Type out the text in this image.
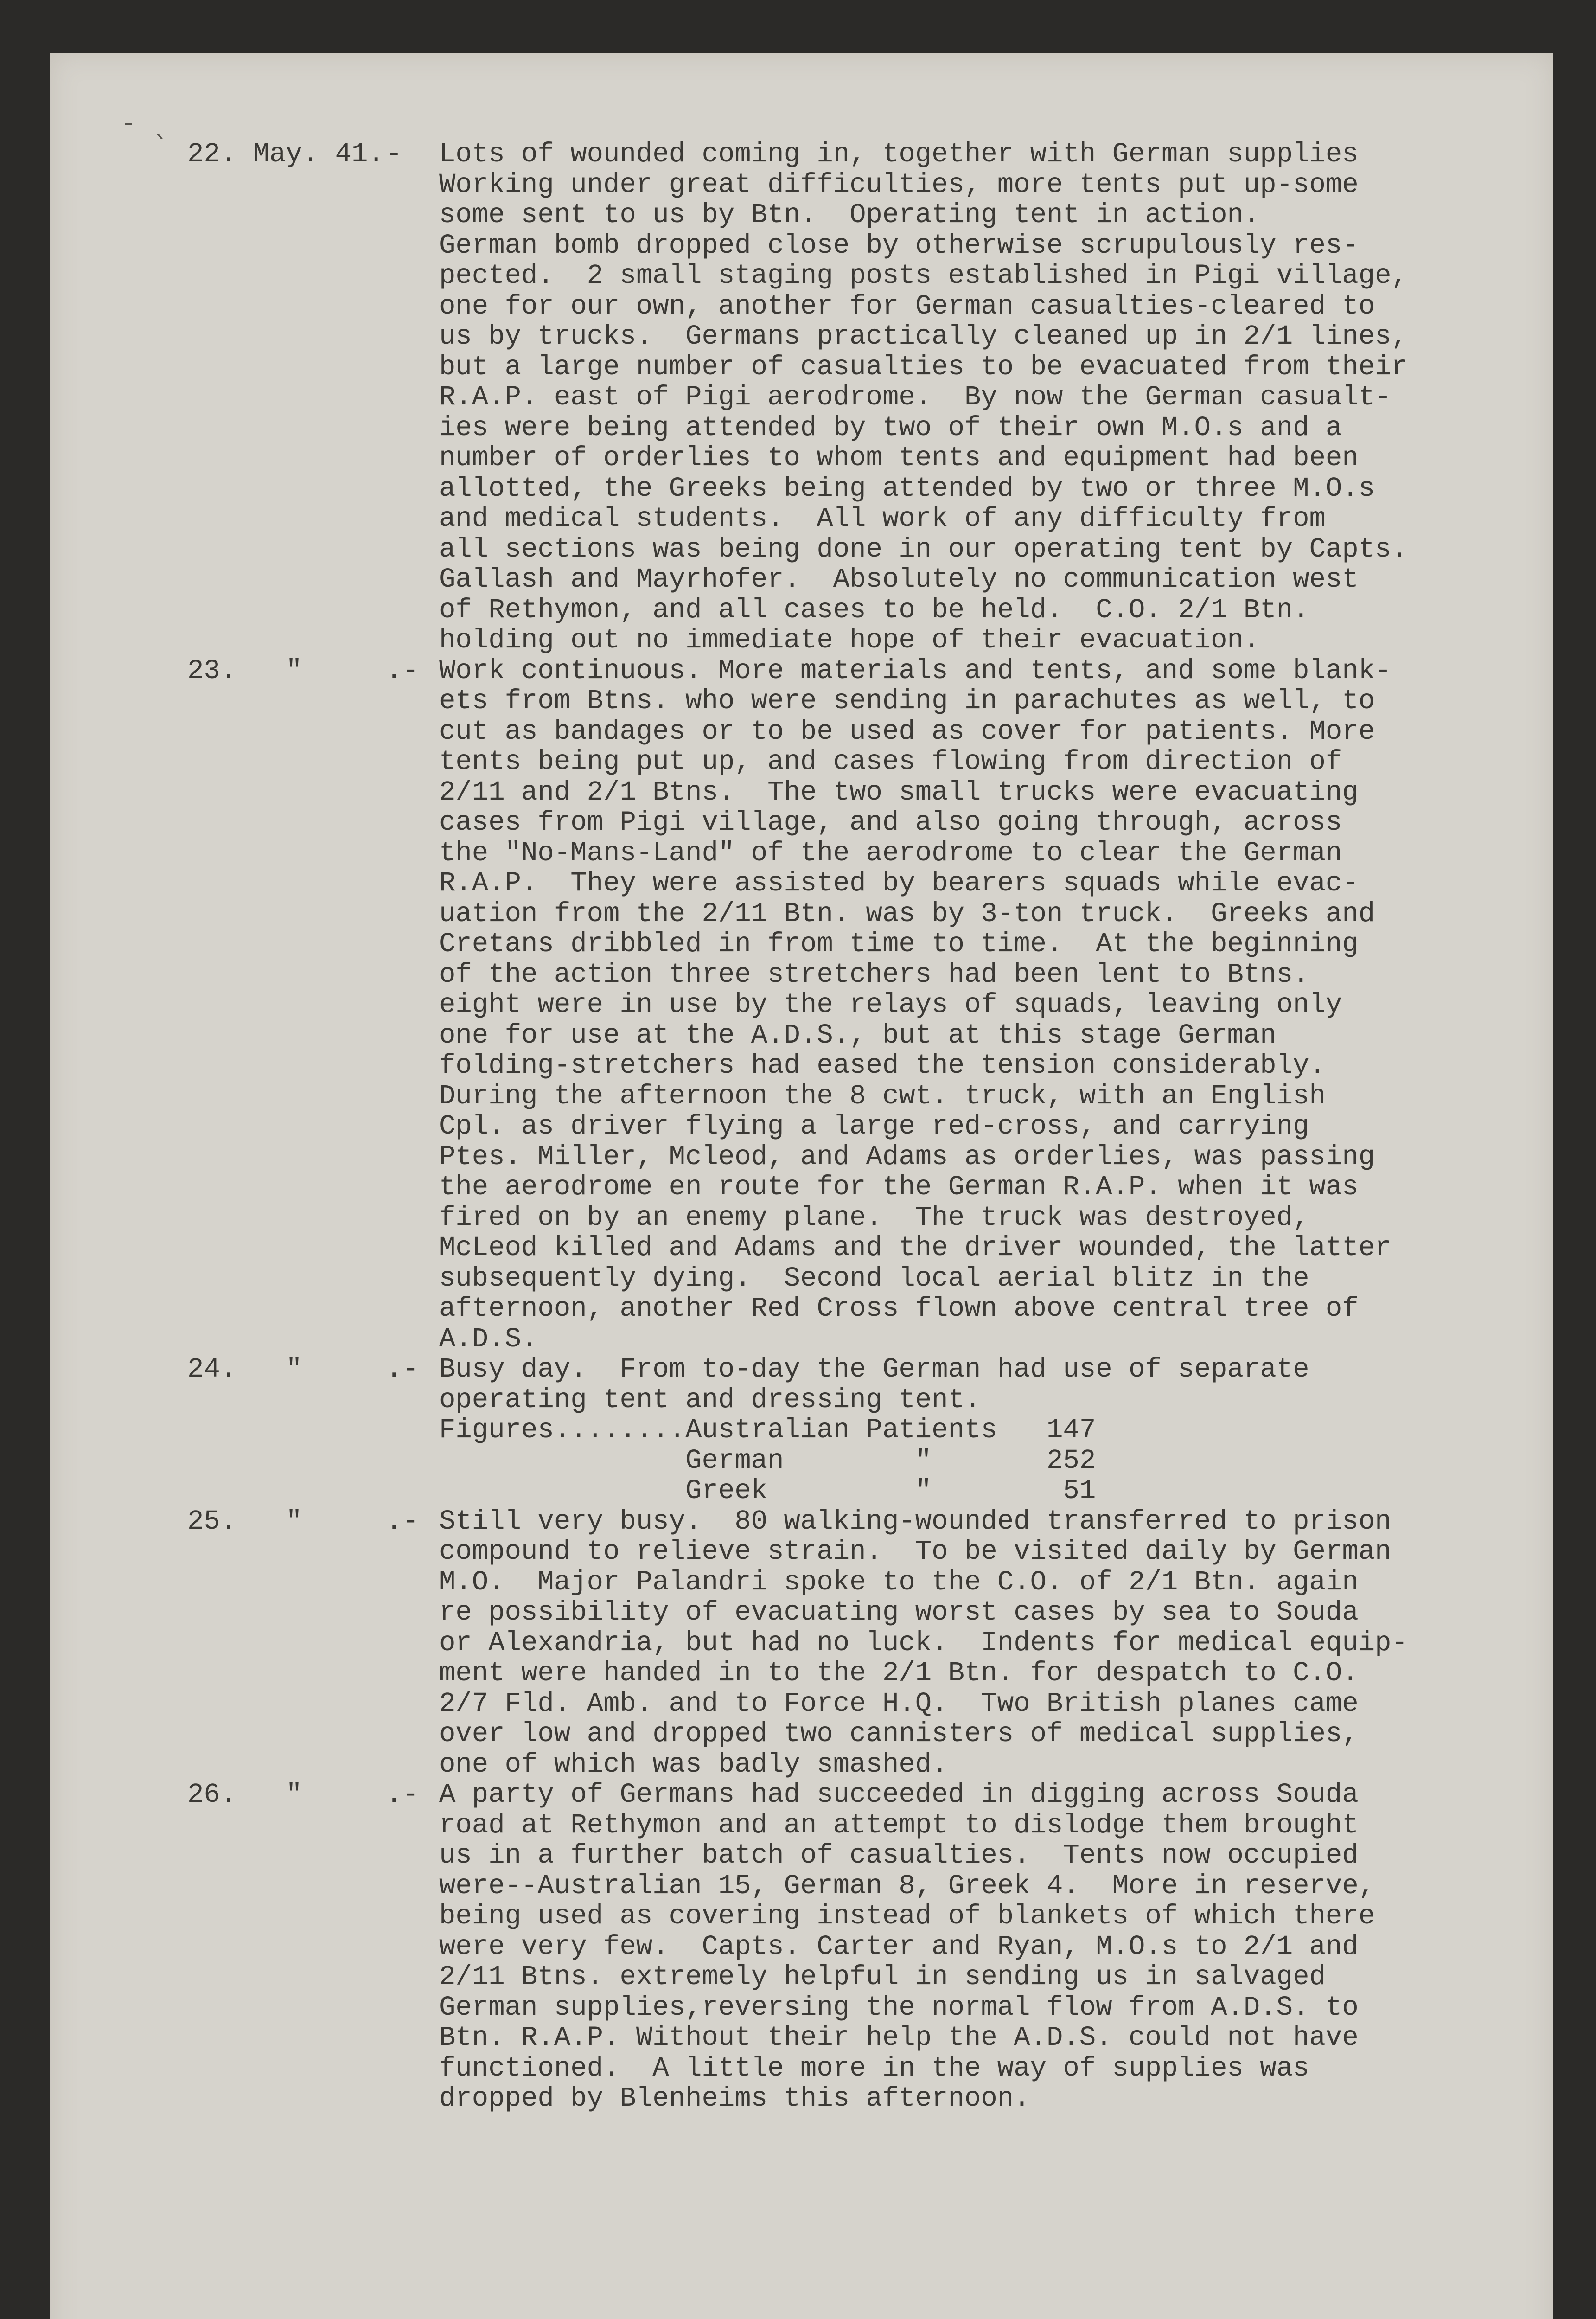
- ˎ
22. May. 41. - Lots of wounded coming in, together with German supplies
Working under great difficulties, more tents put up-some
some sent to us by Btn.  Operating tent in action.
German bomb dropped close by otherwise scrupulously res-
pected.  2 small staging posts established in Pigi village,
one for our own, another for German casualties-cleared to
us by trucks.  Germans practically cleaned up in 2/1 lines,
but a large number of casualties to be evacuated from their
R.A.P. east of Pigi aerodrome.  By now the German casualt-
ies were being attended by two of their own M.O.s and a
number of orderlies to whom tents and equipment had been
allotted, the Greeks being attended by two or three M.O.s
and medical students.  All work of any difficulty from
all sections was being done in our operating tent by Capts.
Gallash and Mayrhofer.  Absolutely no communication west
of Rethymon, and all cases to be held.  C.O. 2/1 Btn.
holding out no immediate hope of their evacuation.
23.   "	.- Work continuous. More materials and tents, and some blank-
ets from Btns. who were sending in parachutes as well, to
cut as bandages or to be used as cover for patients. More
tents being put up, and cases flowing from direction of
2/11 and 2/1 Btns.  The two small trucks were evacuating
cases from Pigi village, and also going through, across
the "No-Mans-Land" of the aerodrome to clear the German
R.A.P.  They were assisted by bearers squads while evac-
uation from the 2/11 Btn. was by 3-ton truck.  Greeks and
Cretans dribbled in from time to time.  At the beginning
of the action three stretchers had been lent to Btns.
eight were in use by the relays of squads, leaving only
one for use at the A.D.S., but at this stage German
folding-stretchers had eased the tension considerably.
During the afternoon the 8 cwt. truck, with an English
Cpl. as driver flying a large red-cross, and carrying
Ptes. Miller, Mcleod, and Adams as orderlies, was passing
the aerodrome en route for the German R.A.P. when it was
fired on by an enemy plane.  The truck was destroyed,
McLeod killed and Adams and the driver wounded, the latter
subsequently dying.  Second local aerial blitz in the
afternoon, another Red Cross flown above central tree of
A.D.S.
24.   "	.- Busy day.  From to-day the German had use of separate
operating tent and dressing tent.
Figures........Australian Patients   147
German        "       252
Greek         "        51
25.   "	.- Still very busy.  80 walking-wounded transferred to prison
compound to relieve strain.  To be visited daily by German
M.O.  Major Palandri spoke to the C.O. of 2/1 Btn. again
re possibility of evacuating worst cases by sea to Souda
or Alexandria, but had no luck.  Indents for medical equip-
ment were handed in to the 2/1 Btn. for despatch to C.O.
2/7 Fld. Amb. and to Force H.Q.  Two British planes came
over low and dropped two cannisters of medical supplies,
one of which was badly smashed.
26.   "	.- A party of Germans had succeeded in digging across Souda
road at Rethymon and an attempt to dislodge them brought
us in a further batch of casualties.  Tents now occupied
were--Australian 15, German 8, Greek 4.  More in reserve,
being used as covering instead of blankets of which there
were very few.  Capts. Carter and Ryan, M.O.s to 2/1 and
2/11 Btns. extremely helpful in sending us in salvaged
German supplies,reversing the normal flow from A.D.S. to
Btn. R.A.P. Without their help the A.D.S. could not have
functioned.  A little more in the way of supplies was
dropped by Blenheims this afternoon.
